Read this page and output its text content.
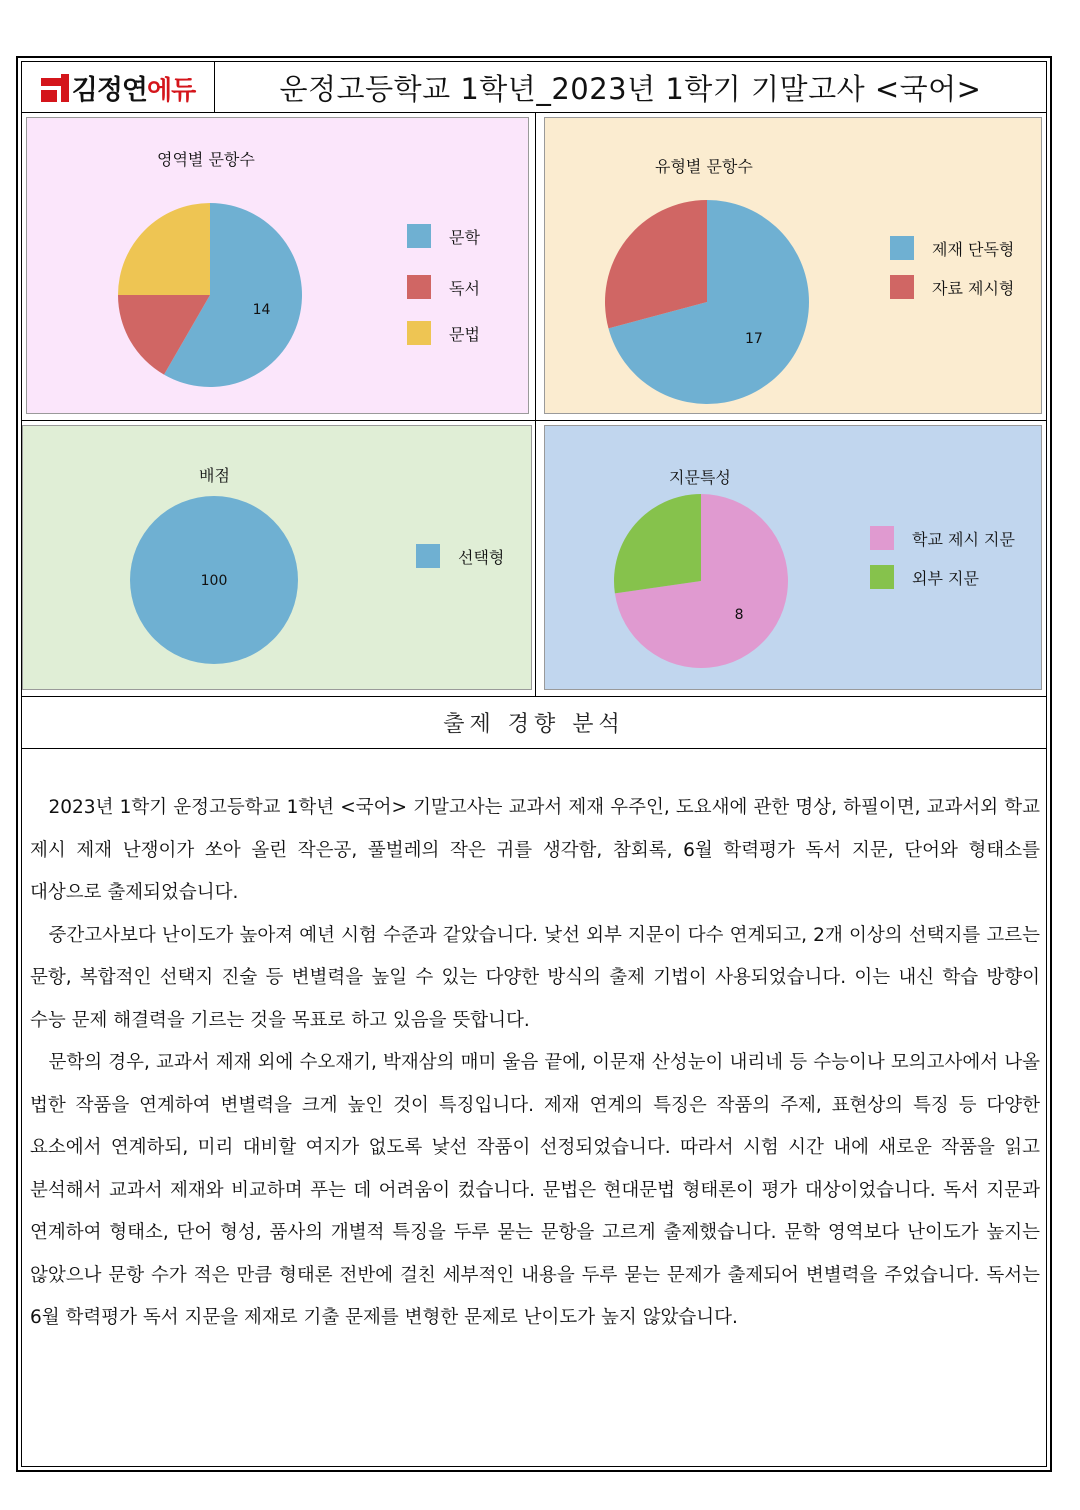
김정연에듀	운정고등학교 1학년_2023년 1학기 기말고사 <국어>
영역별 문항수
14
문학
독서
문법
유형별 문항수
17
제재 단독형
자료 제시형
배점
100
선택형
지문특성
8
학교 제시 지문
외부 지문
출제 경향 분석

2023년 1학기 운정고등학교 1학년 <국어> 기말고사는 교과서 제재 우주인, 도요새에 관한 명상, 하필이면, 교과서외 학교 제시 제재 난쟁이가 쏘아 올린 작은공, 풀벌레의 작은 귀를 생각함, 참회록, 6월 학력평가 독서 지문, 단어와 형태소를 대상으로 출제되었습니다.

중간고사보다 난이도가 높아져 예년 시험 수준과 같았습니다. 낯선 외부 지문이 다수 연계되고, 2개 이상의 선택지를 고르는 문항, 복합적인 선택지 진술 등 변별력을 높일 수 있는 다양한 방식의 출제 기법이 사용되었습니다. 이는 내신 학습 방향이 수능 문제 해결력을 기르는 것을 목표로 하고 있음을 뜻합니다.

문학의 경우, 교과서 제재 외에 수오재기, 박재삼의 매미 울음 끝에, 이문재 산성눈이 내리네 등 수능이나 모의고사에서 나올 법한 작품을 연계하여 변별력을 크게 높인 것이 특징입니다. 제재 연계의 특징은 작품의 주제, 표현상의 특징 등 다양한 요소에서 연계하되, 미리 대비할 여지가 없도록 낯선 작품이 선정되었습니다. 따라서 시험 시간 내에 새로운 작품을 읽고 분석해서 교과서 제재와 비교하며 푸는 데 어려움이 컸습니다. 문법은 현대문법 형태론이 평가 대상이었습니다. 독서 지문과 연계하여 형태소, 단어 형성, 품사의 개별적 특징을 두루 묻는 문항을 고르게 출제했습니다. 문학 영역보다 난이도가 높지는 않았으나 문항 수가 적은 만큼 형태론 전반에 걸친 세부적인 내용을 두루 묻는 문제가 출제되어 변별력을 주었습니다. 독서는 6월 학력평가 독서 지문을 제재로 기출 문제를 변형한 문제로 난이도가 높지 않았습니다.
